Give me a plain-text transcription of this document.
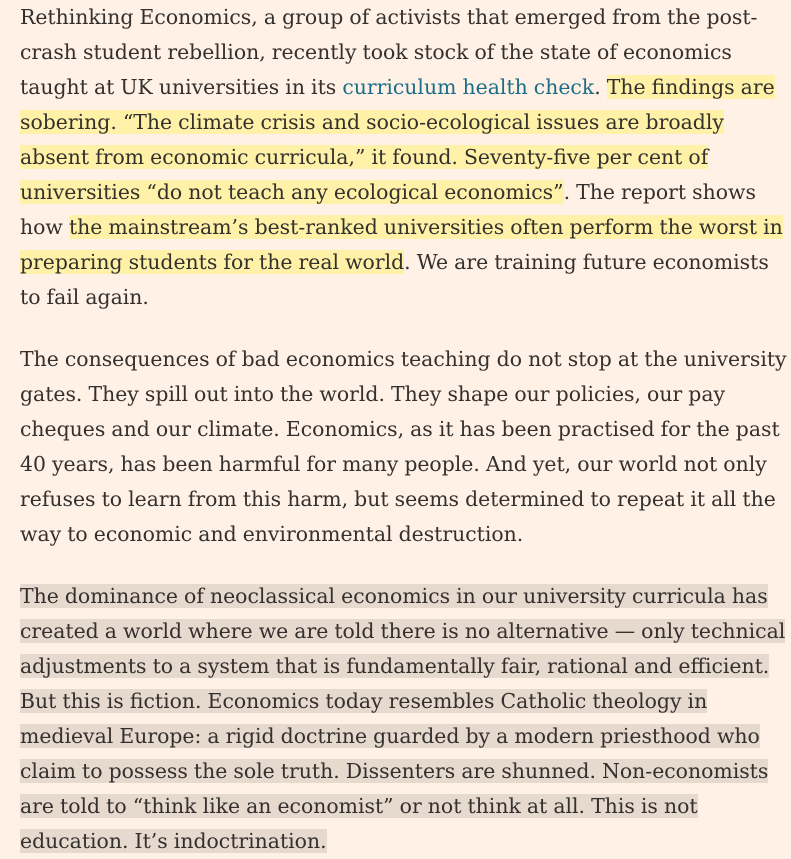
Rethinking Economics, a group of activists that emerged from the post-crash student rebellion, recently took stock of the state of economics taught at UK universities in its curriculum health check. The findings are sobering. “The climate crisis and socio-ecological issues are broadly absent from economic curricula,” it found. Seventy-five per cent of universities “do not teach any ecological economics”. The report shows how the mainstream’s best-ranked universities often perform the worst in preparing students for the real world. We are training future economists to fail again.

The consequences of bad economics teaching do not stop at the university gates. They spill out into the world. They shape our policies, our pay cheques and our climate. Economics, as it has been practised for the past 40 years, has been harmful for many people. And yet, our world not only refuses to learn from this harm, but seems determined to repeat it all the way to economic and environmental destruction.

The dominance of neoclassical economics in our university curricula has created a world where we are told there is no alternative — only technical adjustments to a system that is fundamentally fair, rational and efficient. But this is fiction. Economics today resembles Catholic theology in medieval Europe: a rigid doctrine guarded by a modern priesthood who claim to possess the sole truth. Dissenters are shunned. Non-economists are told to “think like an economist” or not think at all. This is not education. It’s indoctrination.
